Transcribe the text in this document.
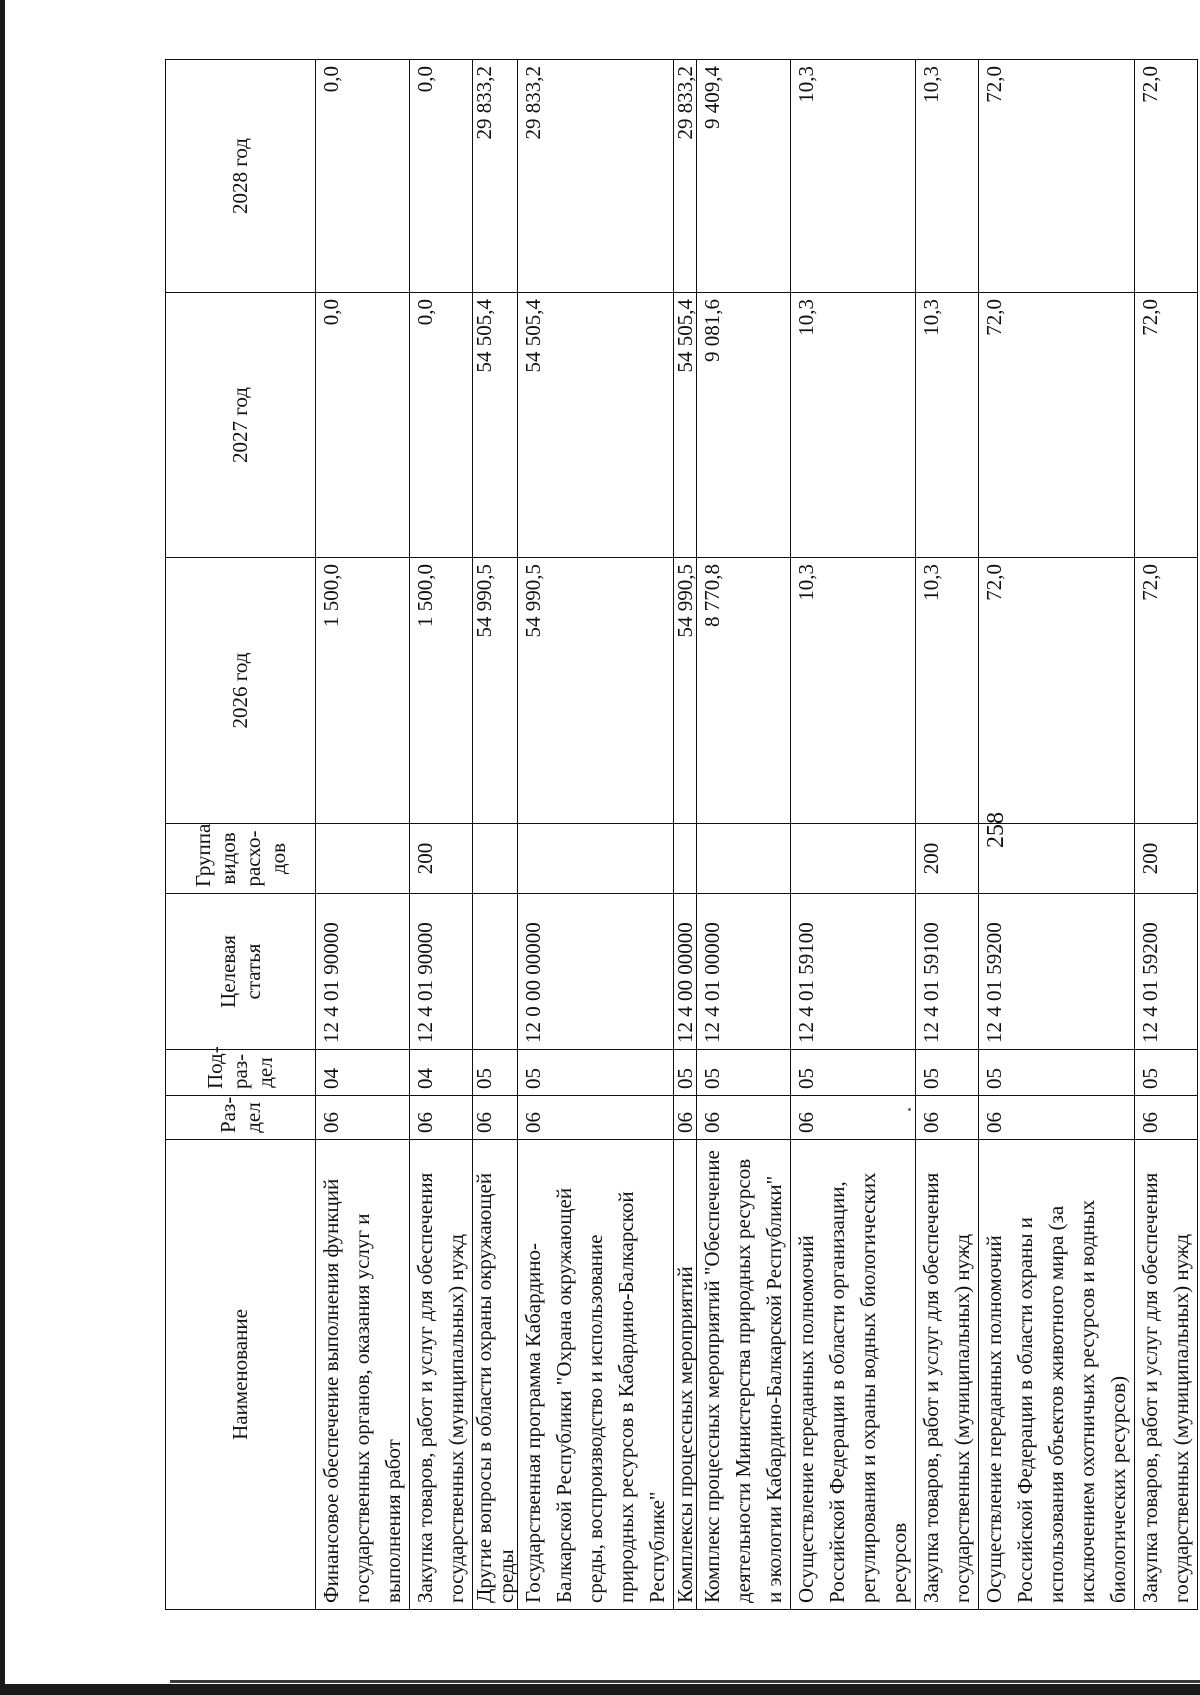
Наименование	Раз-
дел	Под-
раз-
дел	Целевая
статья	Группа
видов
расхо-
дов	2026 год	2027 год	2028 год
Финансовое обеспечение выполнения функций государственных органов, оказания услуг и выполнения работ	06	04	12 4 01 90000		1 500,0	0,0	0,0
Закупка товаров, работ и услуг для обеспечения государственных (муниципальных) нужд	06	04	12 4 01 90000	200	1 500,0	0,0	0,0
Другие вопросы в области охраны окружающей среды	06	05			54 990,5	54 505,4	29 833,2
Государственная программа Кабардино-Балкарской Республики "Охрана окружающей среды, воспроизводство и использование природных ресурсов в Кабардино-Балкарской Республике"	06	05	12 0 00 00000		54 990,5	54 505,4	29 833,2
Комплексы процессных мероприятий	06	05	12 4 00 00000		54 990,5	54 505,4	29 833,2
Комплекс процессных мероприятий "Обеспечение деятельности Министерства природных ресурсов и экологии Кабардино-Балкарской Республики"	06	05	12 4 01 00000		8 770,8	9 081,6	9 409,4
Осуществление переданных полномочий Российской Федерации в области организации, регулирования и охраны водных биологических ресурсов	06	05	12 4 01 59100		10,3	10,3	10,3
Закупка товаров, работ и услуг для обеспечения государственных (муниципальных) нужд	06	05	12 4 01 59100	200	10,3	10,3	10,3
Осуществление переданных полномочий Российской Федерации в области охраны и использования объектов животного мира (за исключением охотничьих ресурсов и водных биологических ресурсов)	06	05	12 4 01 59200		72,0	72,0	72,0
Закупка товаров, работ и услуг для обеспечения государственных (муниципальных) нужд	06	05	12 4 01 59200	200	72,0	72,0	72,0
258
